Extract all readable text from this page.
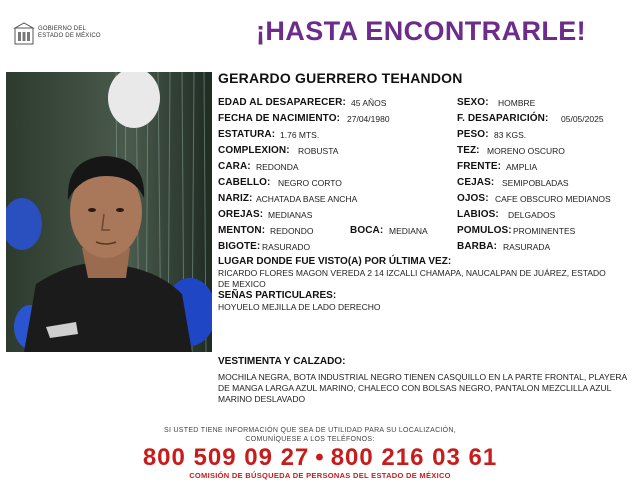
GOBIERNO DEL
ESTADO DE MÉXICO	¡HASTA ENCONTRARLE!
GERARDO GUERRERO TEHANDON
EDAD AL DESAPARECER: 45 AÑOS	SEXO: HOMBRE
FECHA DE NACIMIENTO: 27/04/1980	F. DESAPARICIÓN: 05/05/2025
ESTATURA: 1.76 MTS.	PESO: 83 KGS.
COMPLEXION: ROBUSTA	TEZ: MORENO OSCURO
CARA: REDONDA	FRENTE: AMPLIA
CABELLO: NEGRO CORTO	CEJAS: SEMIPOBLADAS
NARIZ: ACHATADA BASE ANCHA	OJOS: CAFE OBSCURO MEDIANOS
OREJAS: MEDIANAS	LABIOS: DELGADOS
MENTON: REDONDO	BOCA: MEDIANA	POMULOS: PROMINENTES
BIGOTE: RASURADO	BARBA: RASURADA
LUGAR DONDE FUE VISTO(A) POR ÚLTIMA VEZ:
RICARDO FLORES MAGON VEREDA 2 14 IZCALLI CHAMAPA, NAUCALPAN DE JUÁREZ, ESTADO DE MEXICO
SEÑAS PARTICULARES:
HOYUELO MEJILLA DE LADO DERECHO
VESTIMENTA Y CALZADO:
MOCHILA NEGRA, BOTA INDUSTRIAL NEGRO TIENEN CASQUILLO EN LA PARTE FRONTAL, PLAYERA DE MANGA LARGA AZUL MARINO, CHALECO CON BOLSAS NEGRO, PANTALON MEZCLILLA AZUL MARINO DESLAVADO
SI USTED TIENE INFORMACIÓN QUE SEA DE UTILIDAD PARA SU LOCALIZACIÓN,
COMUNÍQUESE A LOS TELÉFONOS:
800 509 09 27 • 800 216 03 61
COMISIÓN DE BÚSQUEDA DE PERSONAS DEL ESTADO DE MÉXICO
